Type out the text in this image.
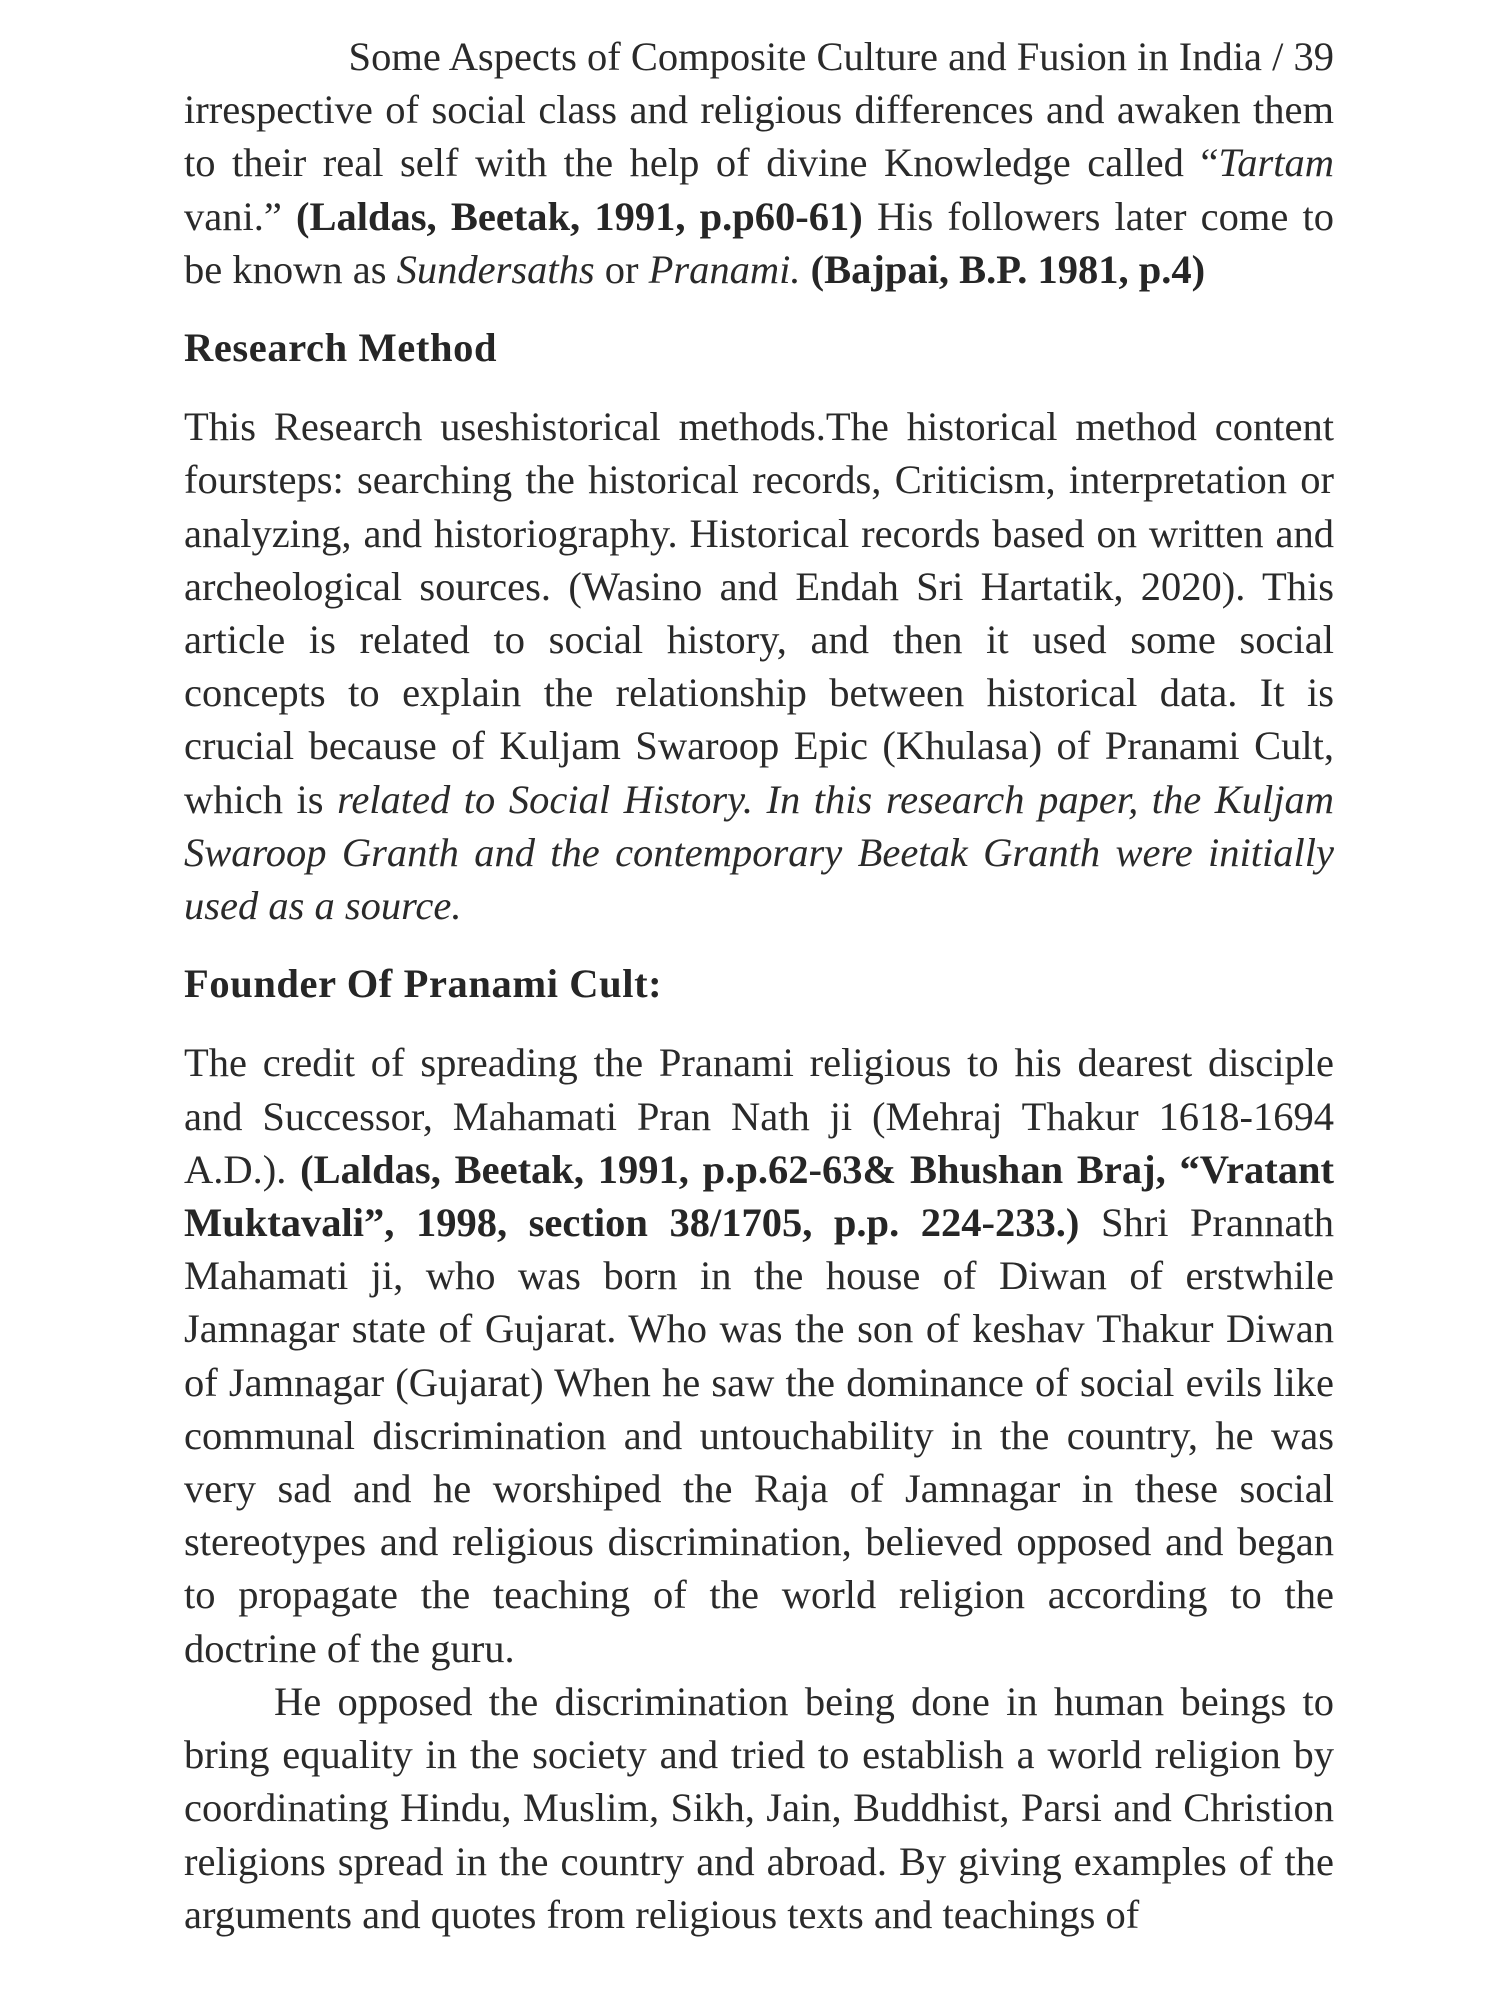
Some Aspects of Composite Culture and Fusion in India / 39

irrespective of social class and religious differences and awaken them to their real self with the help of divine Knowledge called “Tartam vani.” (Laldas, Beetak, 1991, p.p60-61) His followers later come to be known as Sundersaths or Pranami. (Bajpai, B.P. 1981, p.4)

Research Method

This Research useshistorical methods.The historical method content foursteps: searching the historical records, Criticism, interpretation or analyzing, and historiography. Historical records based on written and archeological sources. (Wasino and Endah Sri Hartatik, 2020). This article is related to social history, and then it used some social concepts to explain the relationship between historical data. It is crucial because of Kuljam Swaroop Epic (Khulasa) of Pranami Cult, which is related to Social History. In this research paper, the Kuljam Swaroop Granth and the contemporary Beetak Granth were initially used as a source.

Founder Of Pranami Cult:

The credit of spreading the Pranami religious to his dearest disciple and Successor, Mahamati Pran Nath ji (Mehraj Thakur 1618-1694 A.D.). (Laldas, Beetak, 1991, p.p.62-63& Bhushan Braj, “Vratant Muktavali”, 1998, section 38/1705, p.p. 224-233.) Shri Prannath Mahamati ji, who was born in the house of Diwan of erstwhile Jamnagar state of Gujarat. Who was the son of keshav Thakur Diwan of Jamnagar (Gujarat) When he saw the dominance of social evils like communal discrimination and untouchability in the country, he was very sad and he worshiped the Raja of Jamnagar in these social stereotypes and religious discrimination, believed opposed and began to propagate the teaching of the world religion according to the doctrine of the guru.

He opposed the discrimination being done in human beings to bring equality in the society and tried to establish a world religion by coordinating Hindu, Muslim, Sikh, Jain, Buddhist, Parsi and Christion religions spread in the country and abroad. By giving examples of the arguments and quotes from religious texts and teachings of
